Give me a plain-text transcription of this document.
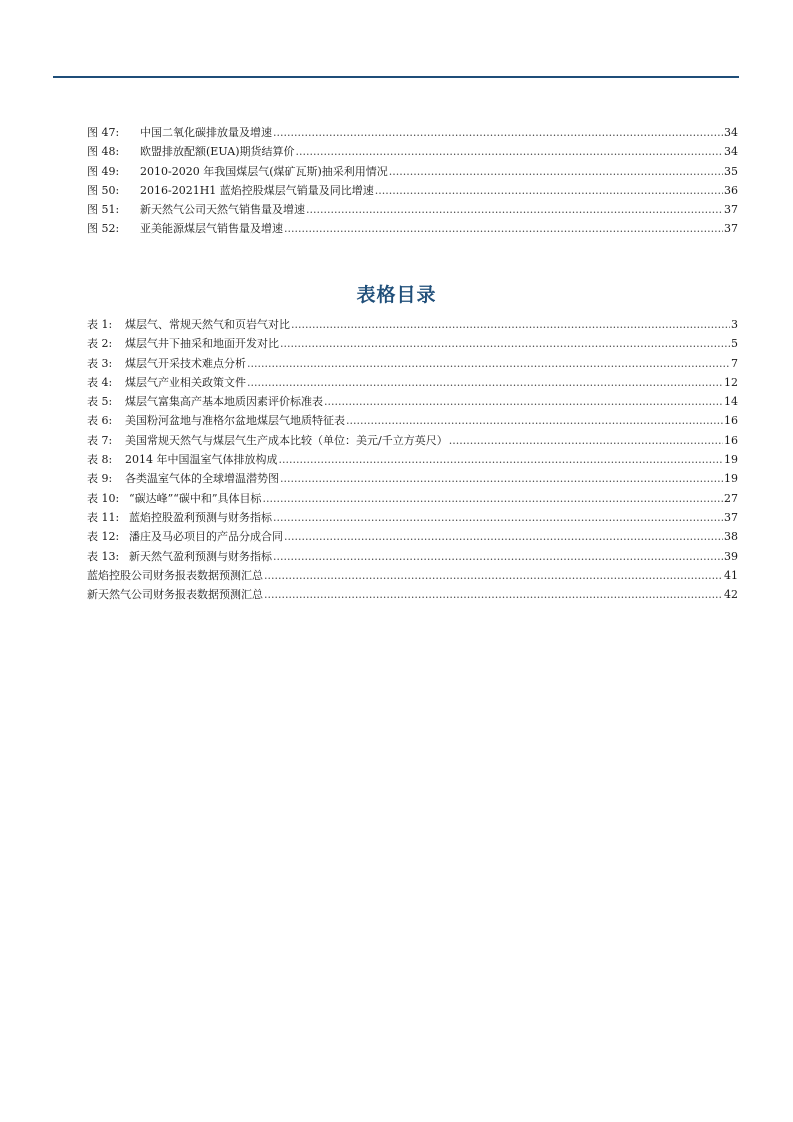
图 47:	中国二氧化碳排放量及增速 .....	34
图 48:	欧盟排放配额(EUA)期货结算价 .....	34
图 49:	2010-2020 年我国煤层气(煤矿瓦斯)抽采利用情况 .....	35
图 50:	2016-2021H1 蓝焰控股煤层气销量及同比增速 .....	36
图 51:	新天然气公司天然气销售量及增速 .....	37
图 52:	亚美能源煤层气销售量及增速 .....	37
表格目录
表 1:	煤层气、常规天然气和页岩气对比 .....	3
表 2:	煤层气井下抽采和地面开发对比 .....	5
表 3:	煤层气开采技术难点分析 .....	7
表 4:	煤层气产业相关政策文件 .....	12
表 5:	煤层气富集高产基本地质因素评价标准表 .....	14
表 6:	美国粉河盆地与准格尔盆地煤层气地质特征表 .....	16
表 7:	美国常规天然气与煤层气生产成本比较（单位：美元/千立方英尺） .....	16
表 8:	2014 年中国温室气体排放构成 .....	19
表 9:	各类温室气体的全球增温潜势图 .....	19
表 10: “碳达峰”“碳中和”具体目标 .....	27
表 11: 蓝焰控股盈利预测与财务指标 .....	37
表 12: 潘庄及马必项目的产品分成合同 .....	38
表 13: 新天然气盈利预测与财务指标 .....	39
蓝焰控股公司财务报表数据预测汇总 .....	41
新天然气公司财务报表数据预测汇总 .....	42
